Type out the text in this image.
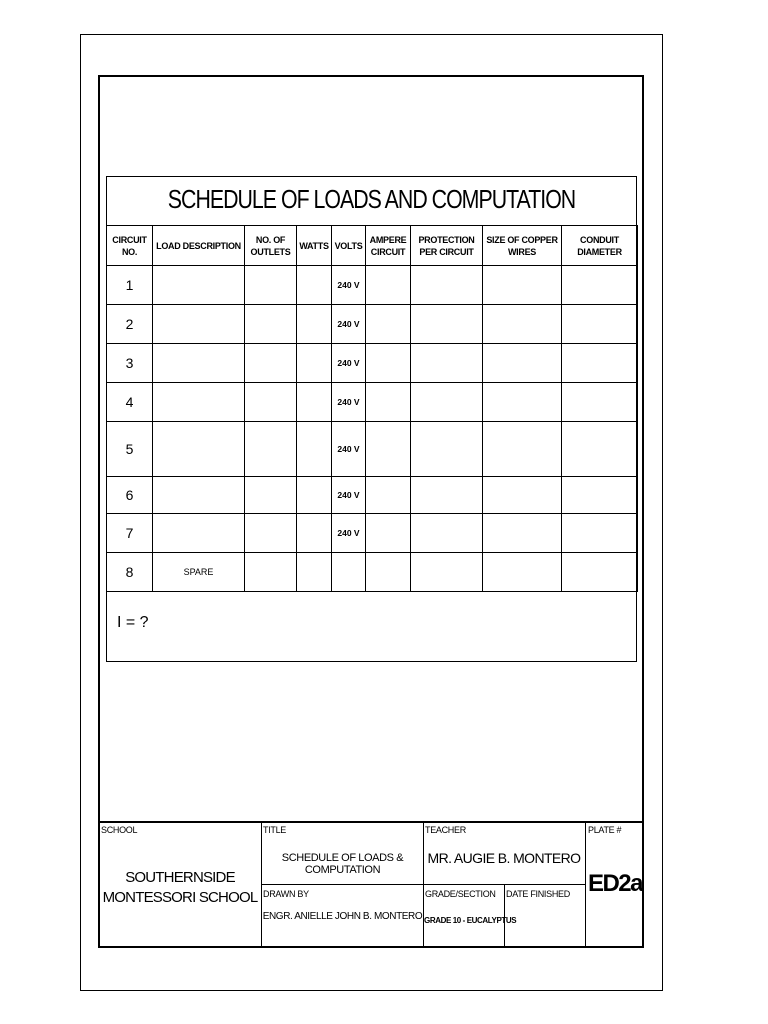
SCHEDULE OF LOADS AND COMPUTATION
CIRCUIT NO.	LOAD DESCRIPTION	NO. OF OUTLETS	WATTS	VOLTS	AMPERE CIRCUIT	PROTECTION PER CIRCUIT	SIZE OF COPPER WIRES	CONDUIT DIAMETER
1				240 V				
2				240 V				
3				240 V				
4				240 V				
5				240 V				
6				240 V				
7				240 V				
8	SPARE							
I = ?
SCHOOL
SOUTHERNSIDE MONTESSORI SCHOOL
TITLE
SCHEDULE OF LOADS & COMPUTATION
TEACHER
MR. AUGIE B. MONTERO
PLATE #
ED2a
DRAWN BY
ENGR. ANIELLE JOHN B. MONTERO
GRADE/SECTION
GRADE 10 - EUCALYPTUS
DATE FINISHED
